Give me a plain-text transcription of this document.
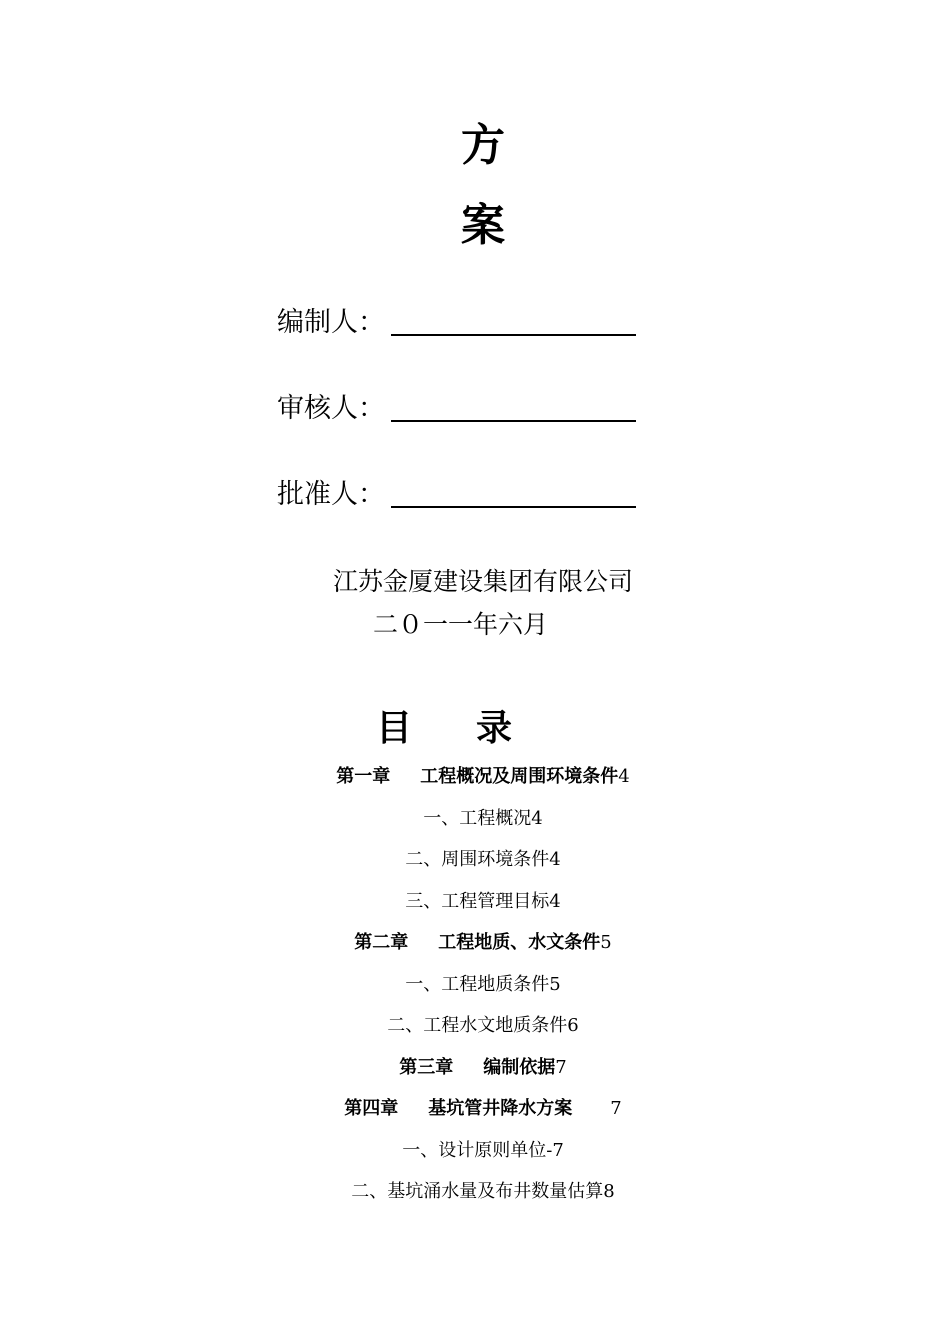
方
案
编制人：
审核人：
批准人：
江苏金厦建设集团有限公司
二０一一年六月
目 录
第一章 工程概况及周围环境条件4
一、工程概况4
二、周围环境条件4
三、工程管理目标4
第二章 工程地质、水文条件5
一、工程地质条件5
二、工程水文地质条件6
第三章 编制依据7
第四章 基坑管井降水方案 7
一、设计原则单位-7
二、基坑涌水量及布井数量估算8
